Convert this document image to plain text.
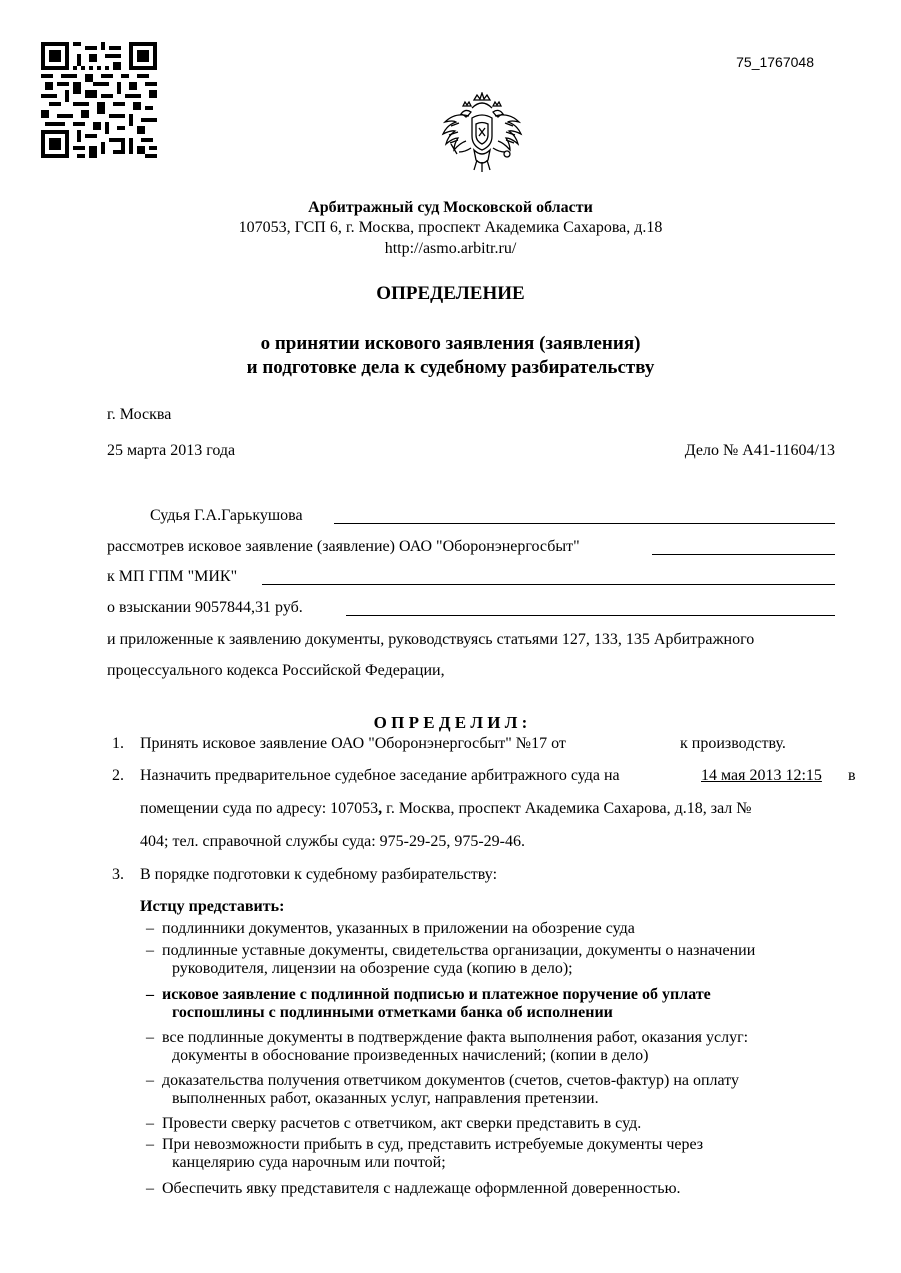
75_1767048
Арбитражный суд Московской области
107053, ГСП 6, г. Москва, проспект Академика Сахарова, д.18
http://asmo.arbitr.ru/
ОПРЕДЕЛЕНИЕ
о принятии искового заявления (заявления)
и подготовке дела к судебному разбирательству
г. Москва
25 марта 2013 года	Дело № А41-11604/13
Судья Г.А.Гарькушова
рассмотрев исковое заявление (заявление) ОАО "Оборонэнергосбыт"
к МП ГПМ "МИК"
о взыскании 9057844,31 руб.
и приложенные к заявлению документы, руководствуясь статьями 127, 133, 135 Арбитражного
процессуального кодекса Российской Федерации,
О П Р Е Д Е Л И Л :
1. Принять исковое заявление ОАО "Оборонэнергосбыт" №17 от	к производству.
2. Назначить предварительное судебное заседание арбитражного суда на	14 мая 2013 12:15 в
помещении суда по адресу: 107053, г. Москва, проспект Академика Сахарова, д.18, зал №
404; тел. справочной службы суда: 975-29-25, 975-29-46.
3. В порядке подготовки к судебному разбирательству:
Истцу представить:
– подлинники документов, указанных в приложении на обозрение суда
– подлинные уставные документы, свидетельства организации, документы о назначении
руководителя, лицензии на обозрение суда (копию в дело);
– исковое заявление с подлинной подписью и платежное поручение об уплате
госпошлины с подлинными отметками банка об исполнении
– все подлинные документы в подтверждение факта выполнения работ, оказания услуг:
документы в обоснование произведенных начислений; (копии в дело)
– доказательства получения ответчиком документов (счетов, счетов-фактур) на оплату
выполненных работ, оказанных услуг, направления претензии.
– Провести сверку расчетов с ответчиком, акт сверки представить в суд.
– При невозможности прибыть в суд, представить истребуемые документы через
канцелярию суда нарочным или почтой;
– Обеспечить явку представителя с надлежаще оформленной доверенностью.
